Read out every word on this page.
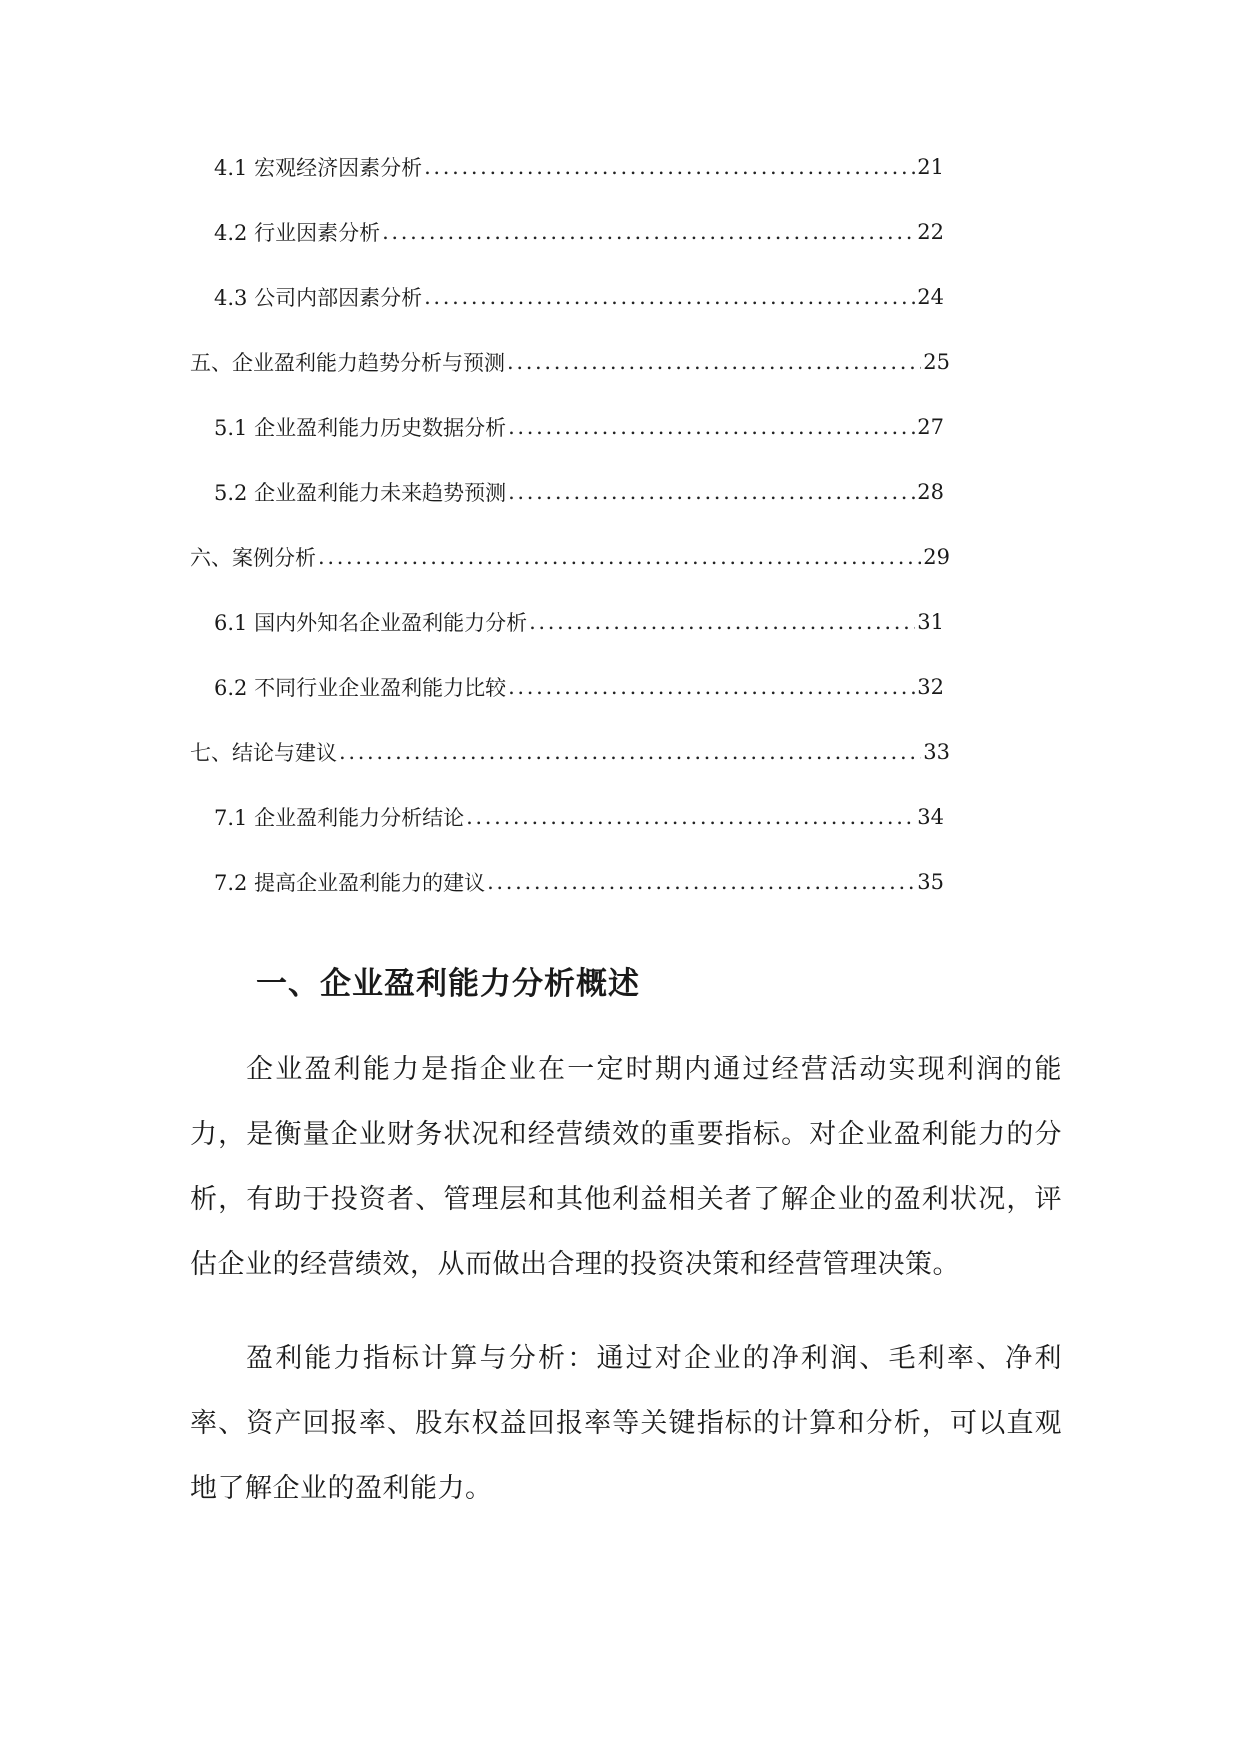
4.1 宏观经济因素分析 . . .	21
4.2 行业因素分析 . . .	22
4.3 公司内部因素分析 . . .	24
五、企业盈利能力趋势分析与预测 . . .	25
5.1 企业盈利能力历史数据分析 . . .	27
5.2 企业盈利能力未来趋势预测 . . .	28
六、案例分析 . . .	29
6.1 国内外知名企业盈利能力分析 . . .	31
6.2 不同行业企业盈利能力比较 . . .	32
七、结论与建议 . . .	33
7.1 企业盈利能力分析结论 . . .	34
7.2 提高企业盈利能力的建议 . . .	35
一、企业盈利能力分析概述

企业盈利能力是指企业在一定时期内通过经营活动实现利润的能力，是衡量企业财务状况和经营绩效的重要指标。对企业盈利能力的分析，有助于投资者、管理层和其他利益相关者了解企业的盈利状况，评估企业的经营绩效，从而做出合理的投资决策和经营管理决策。

盈利能力指标计算与分析：通过对企业的净利润、毛利率、净利率、资产回报率、股东权益回报率等关键指标的计算和分析，可以直观地了解企业的盈利能力。
